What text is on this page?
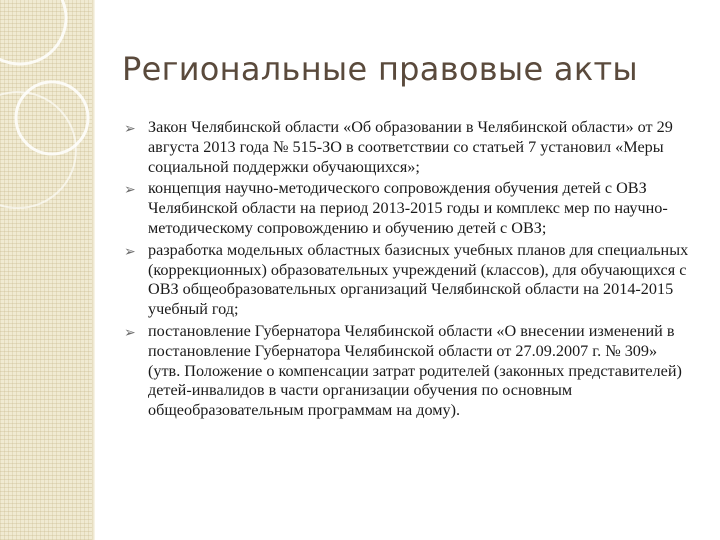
Региональные правовые акты
➢ Закон Челябинской области «Об образовании в Челябинской области» от 29 августа 2013 года № 515-ЗО в соответствии со статьей 7 установил «Меры социальной поддержки обучающихся»;
➢ концепция научно-методического сопровождения обучения детей с ОВЗ Челябинской области на период 2013-2015 годы и комплекс мер по научно-методическому сопровождению и обучению детей с ОВЗ;
➢ разработка модельных областных базисных учебных планов для специальных (коррекционных) образовательных учреждений (классов), для обучающихся с ОВЗ общеобразовательных организаций Челябинской области на 2014-2015 учебный год;
➢ постановление Губернатора Челябинской области «О внесении изменений в постановление Губернатора Челябинской области от 27.09.2007 г. № 309» (утв. Положение о компенсации затрат родителей (законных представителей) детей-инвалидов в части организации обучения по основным общеобразовательным программам на дому).
